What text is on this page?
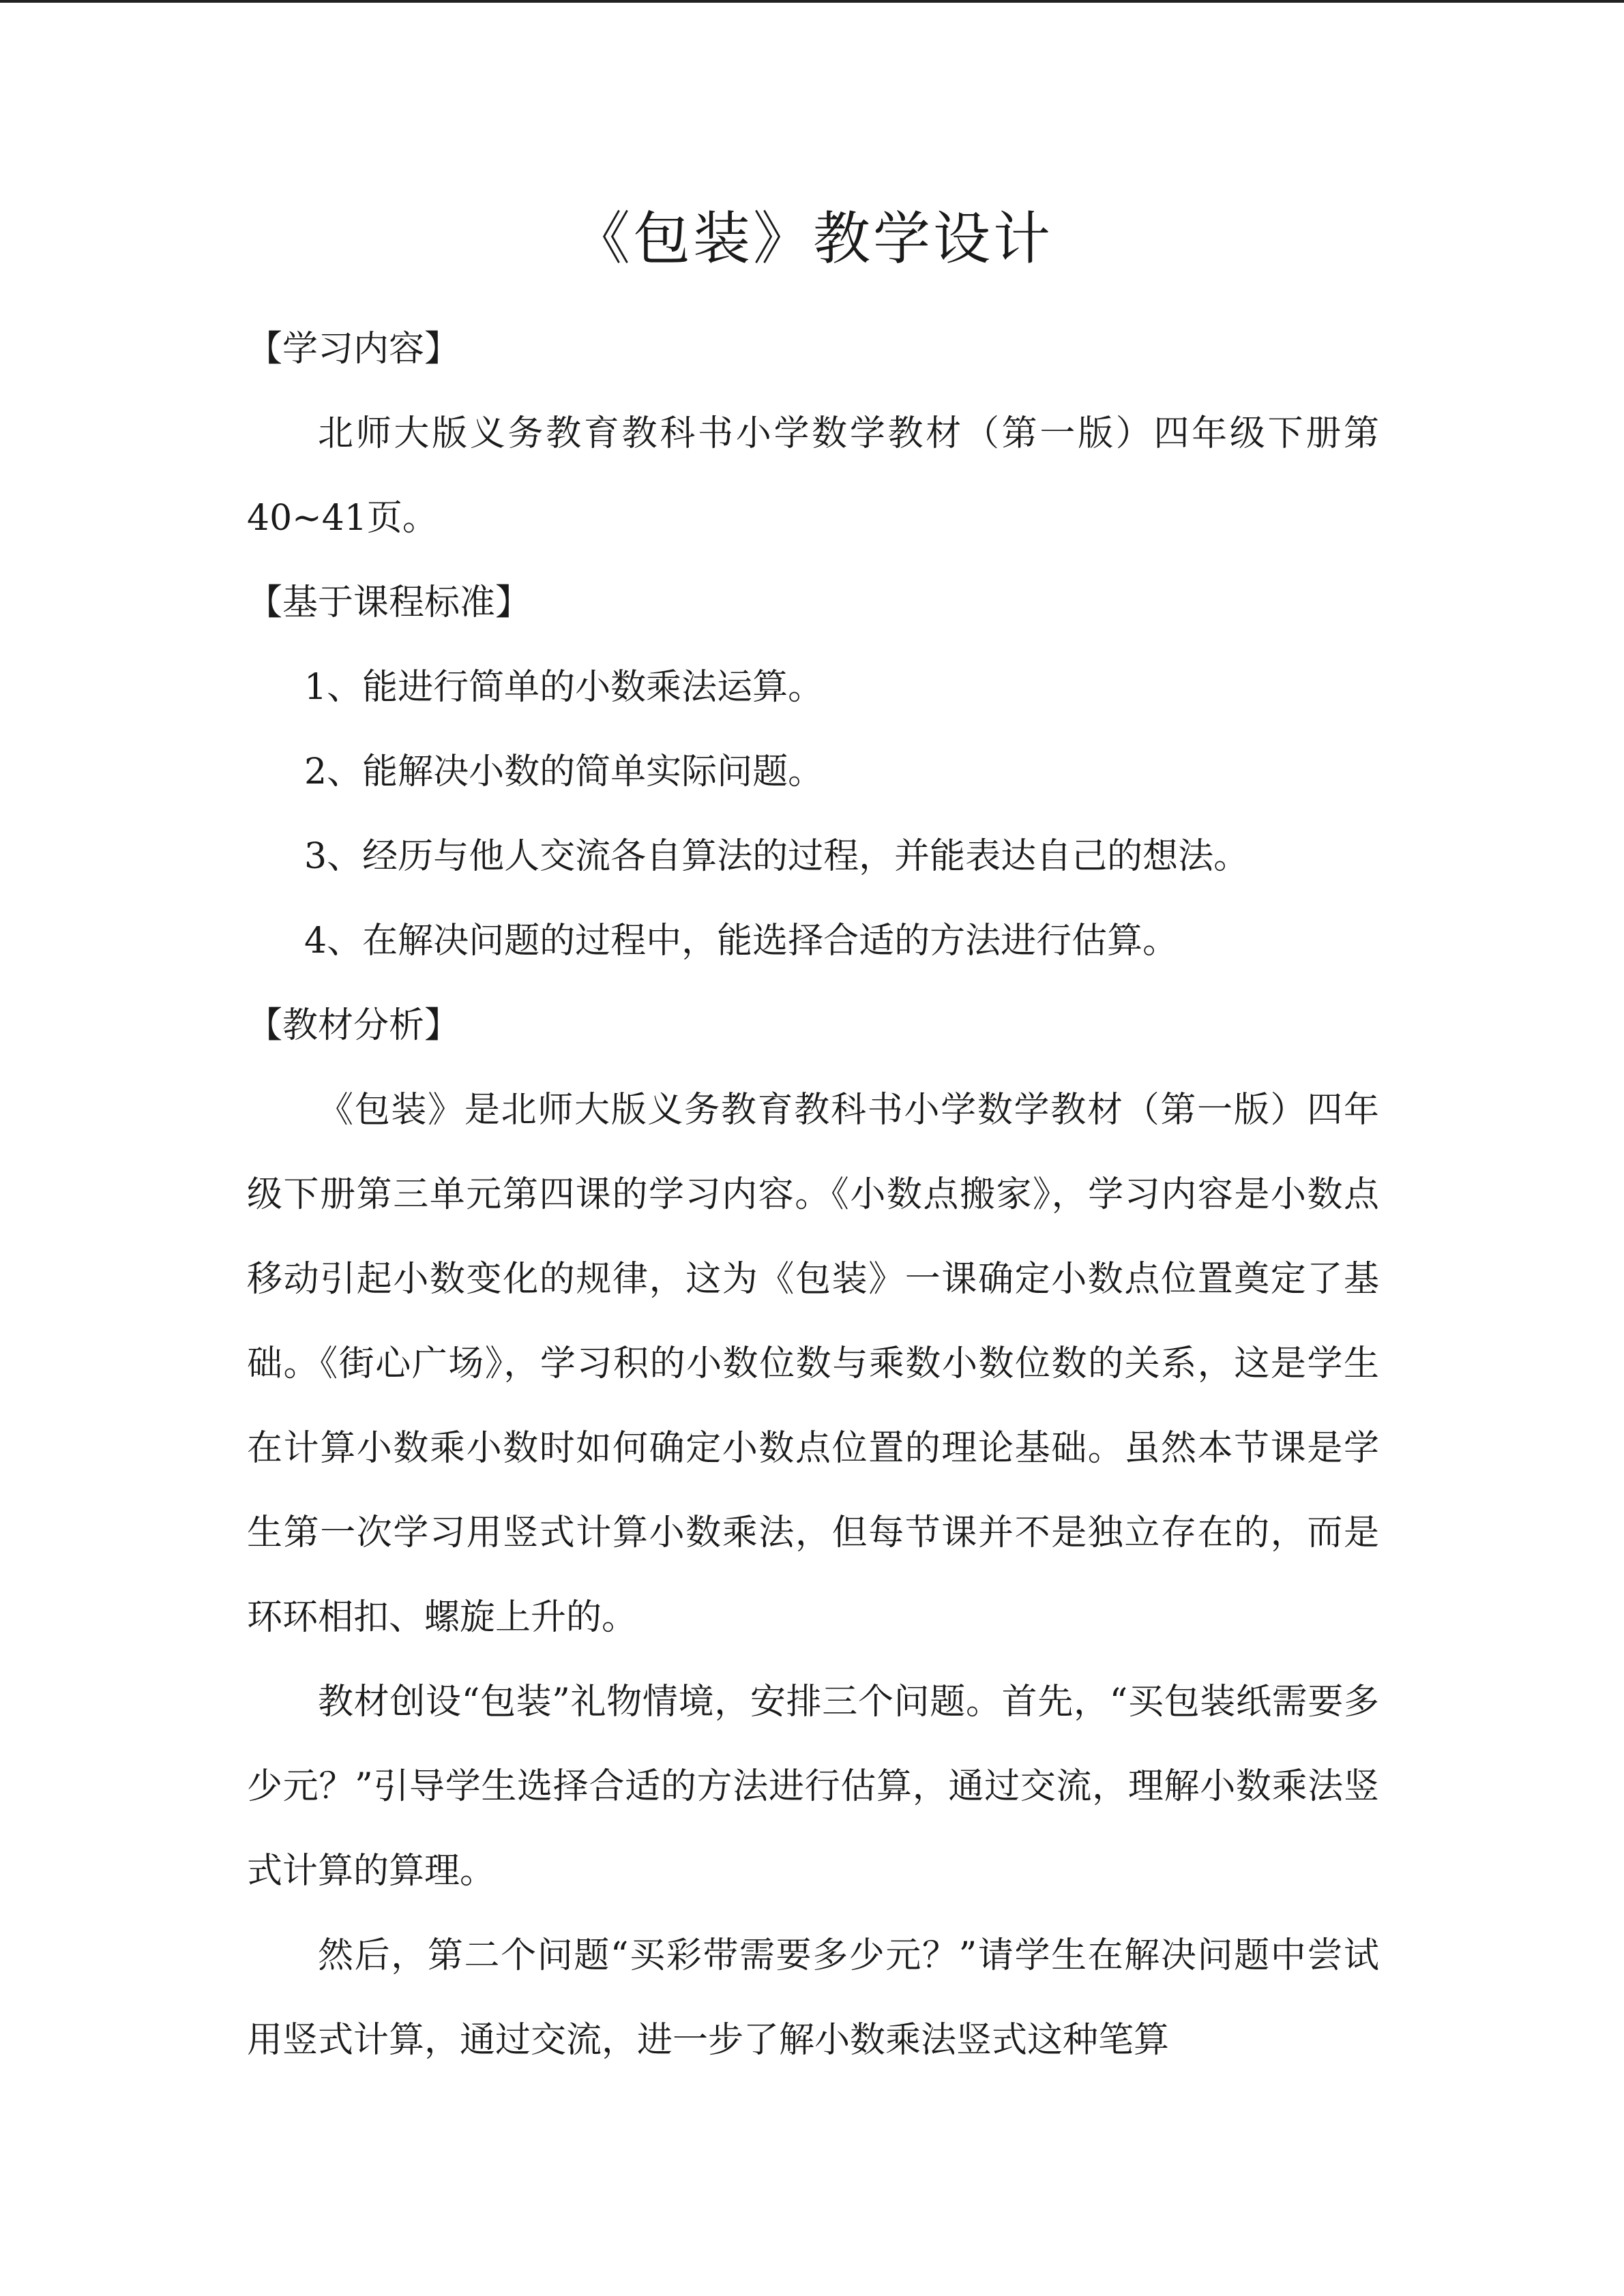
《包装》教学设计

【学习内容】

北师大版义务教育教科书小学数学教材（第一版）四年级下册第40~41页。

【基于课程标准】

1、能进行简单的小数乘法运算。

2、能解决小数的简单实际问题。

3、经历与他人交流各自算法的过程，并能表达自己的想法。

4、在解决问题的过程中，能选择合适的方法进行估算。

【教材分析】

《包装》是北师大版义务教育教科书小学数学教材（第一版）四年级下册第三单元第四课的学习内容。《小数点搬家》，学习内容是小数点移动引起小数变化的规律，这为《包装》一课确定小数点位置奠定了基础。《街心广场》，学习积的小数位数与乘数小数位数的关系，这是学生在计算小数乘小数时如何确定小数点位置的理论基础。虽然本节课是学生第一次学习用竖式计算小数乘法，但每节课并不是独立存在的，而是环环相扣、螺旋上升的。

教材创设“包装”礼物情境，安排三个问题。首先，“买包装纸需要多少元？”引导学生选择合适的方法进行估算，通过交流，理解小数乘法竖式计算的算理。

然后，第二个问题“买彩带需要多少元？”请学生在解决问题中尝试用竖式计算，通过交流，进一步了解小数乘法竖式这种笔算
